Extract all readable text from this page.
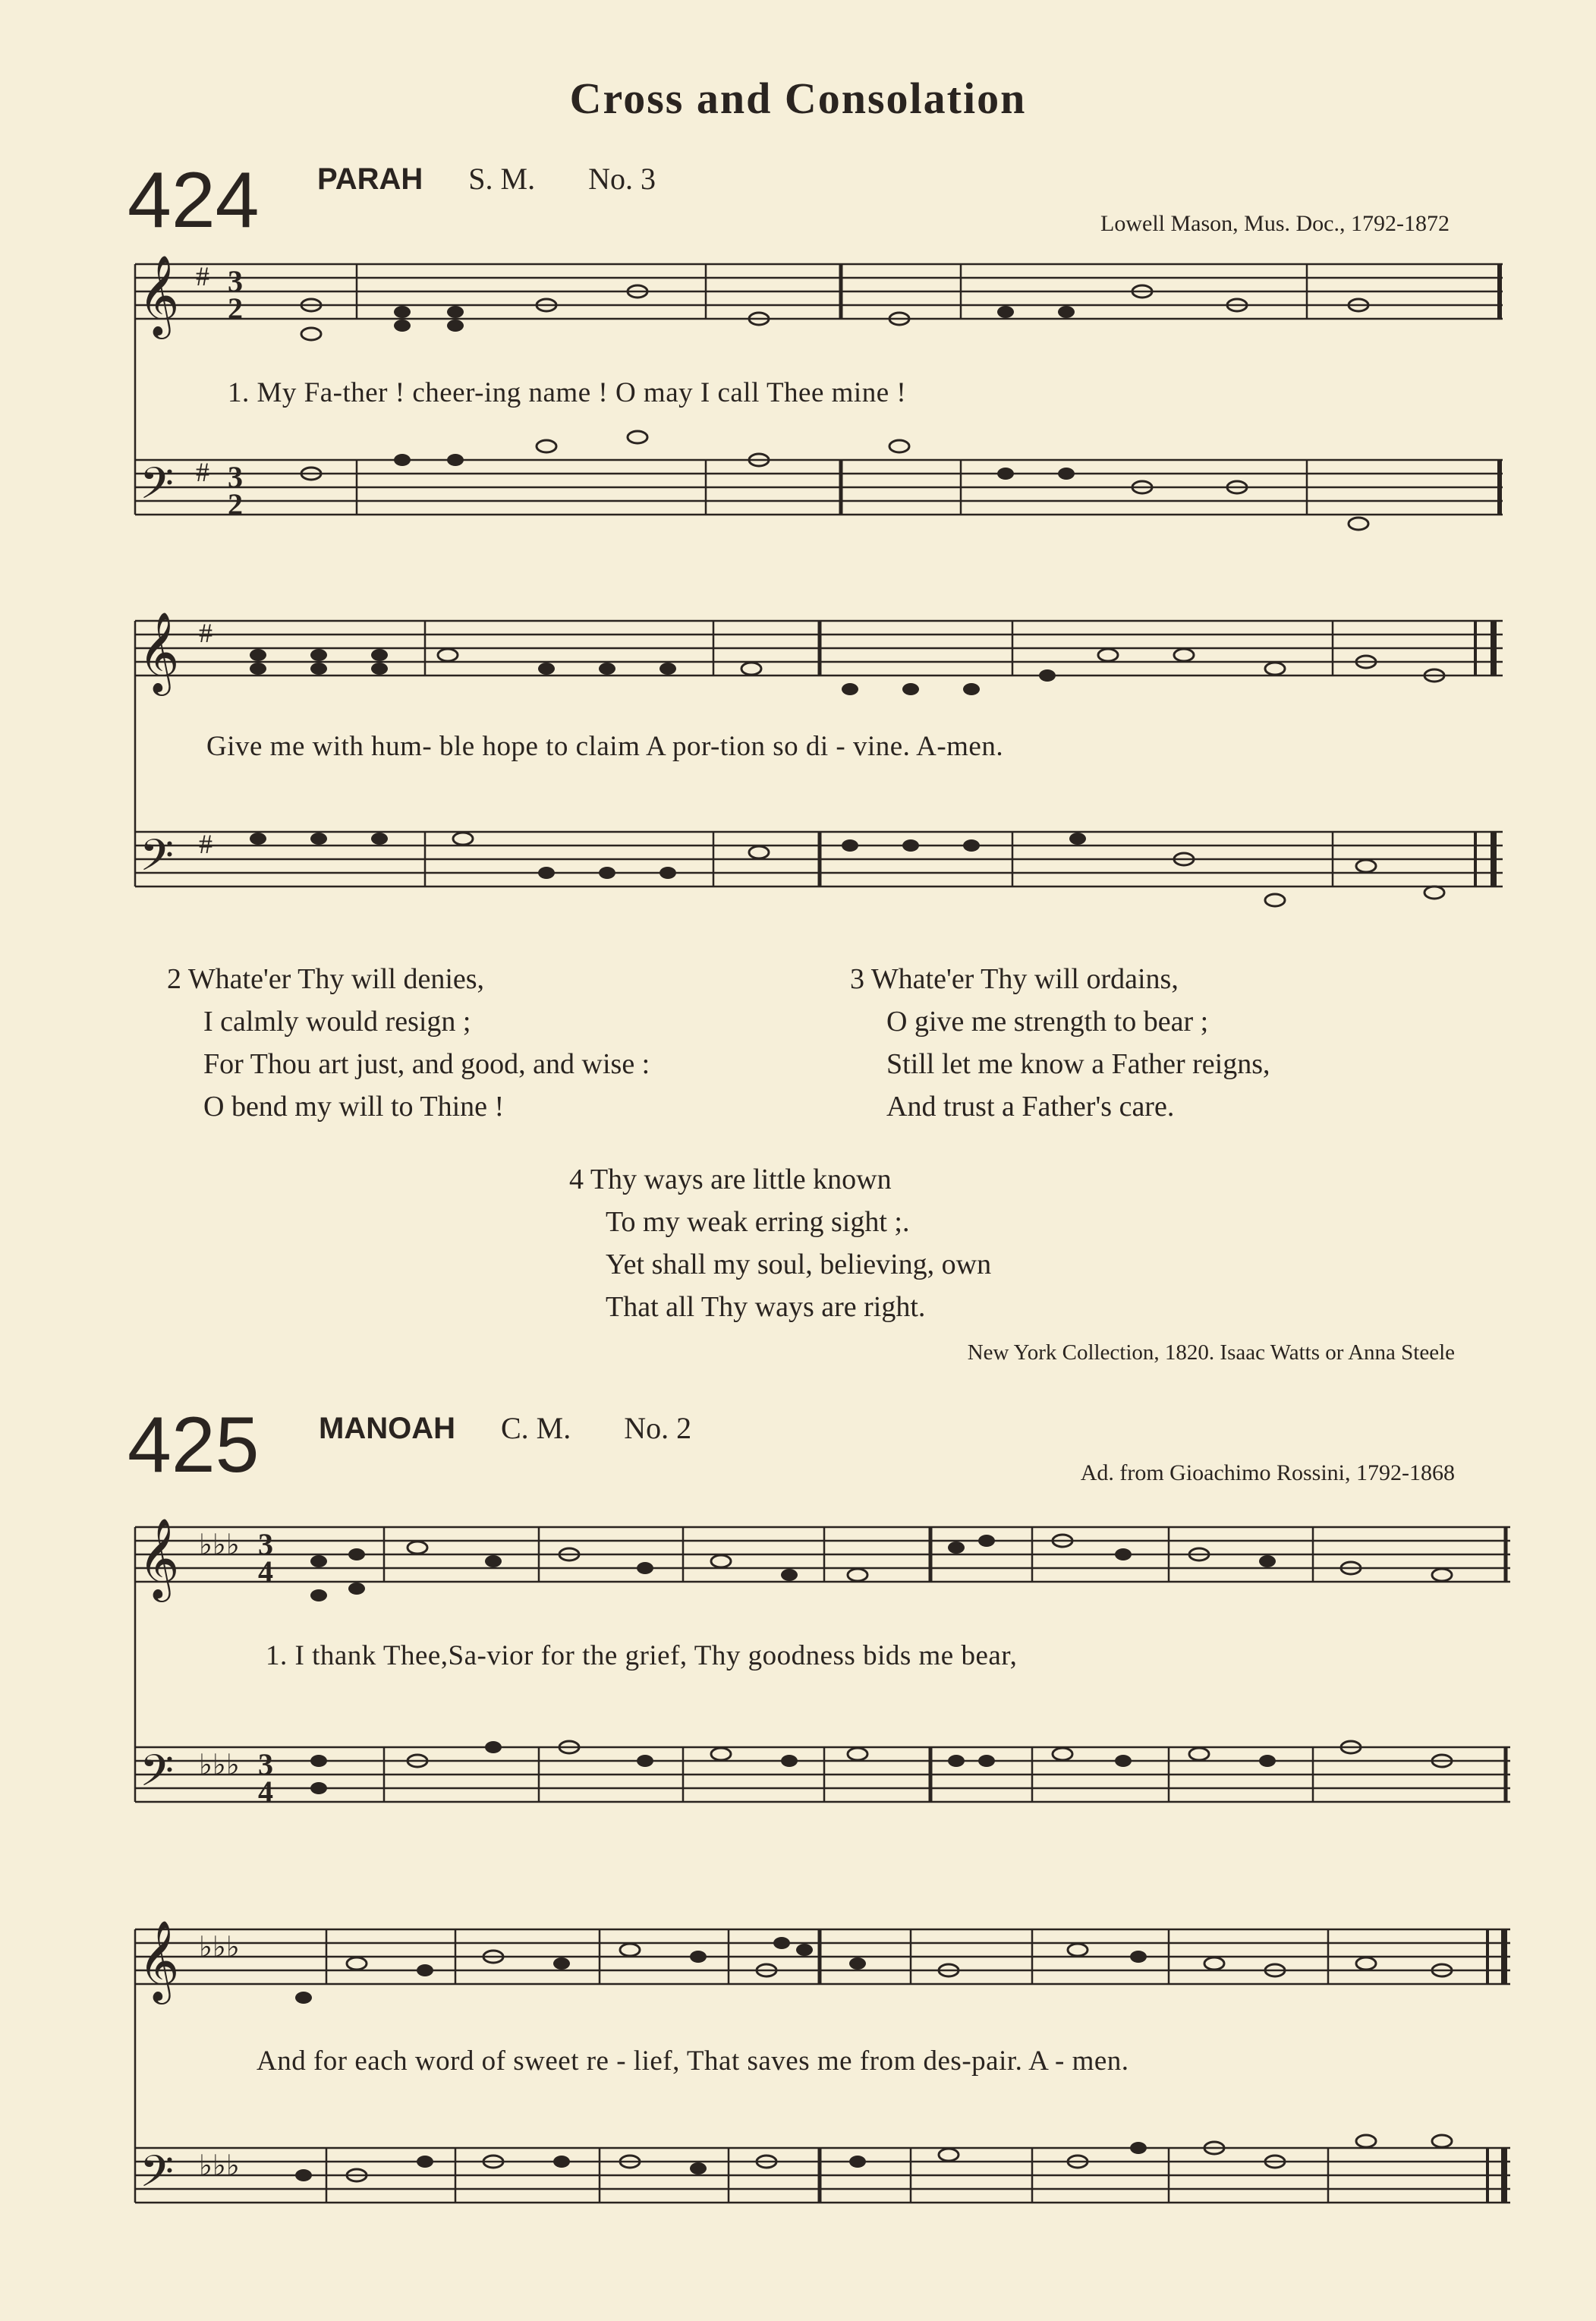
Cross and Consolation
424 PARAH S. M. No. 3
Lowell Mason, Mus. Doc., 1792-1872
𝄞
𝄢
#
#
3
2
3
2
𝄞
𝄢
#
#
𝄞
𝄢
♭♭♭
♭♭♭
3
4
3
4
𝄞
𝄢
♭♭♭
♭♭♭
1. My Fa-ther ! cheer-ing name ! O may I call Thee mine !
Give me with hum- ble hope to claim A por-tion so di - vine. A-men.
2 Whate'er Thy will denies,
I calmly would resign ;
For Thou art just, and good, and wise :
O bend my will to Thine !
3 Whate'er Thy will ordains,
O give me strength to bear ;
Still let me know a Father reigns,
And trust a Father's care.
4 Thy ways are little known
To my weak erring sight ;.
Yet shall my soul, believing, own
That all Thy ways are right.
New York Collection, 1820. Isaac Watts or Anna Steele
425 MANOAH C. M. No. 2
Ad. from Gioachimo Rossini, 1792-1868
1. I thank Thee,Sa-vior for the grief, Thy goodness bids me bear,
And for each word of sweet re - lief, That saves me from des-pair. A - men.
